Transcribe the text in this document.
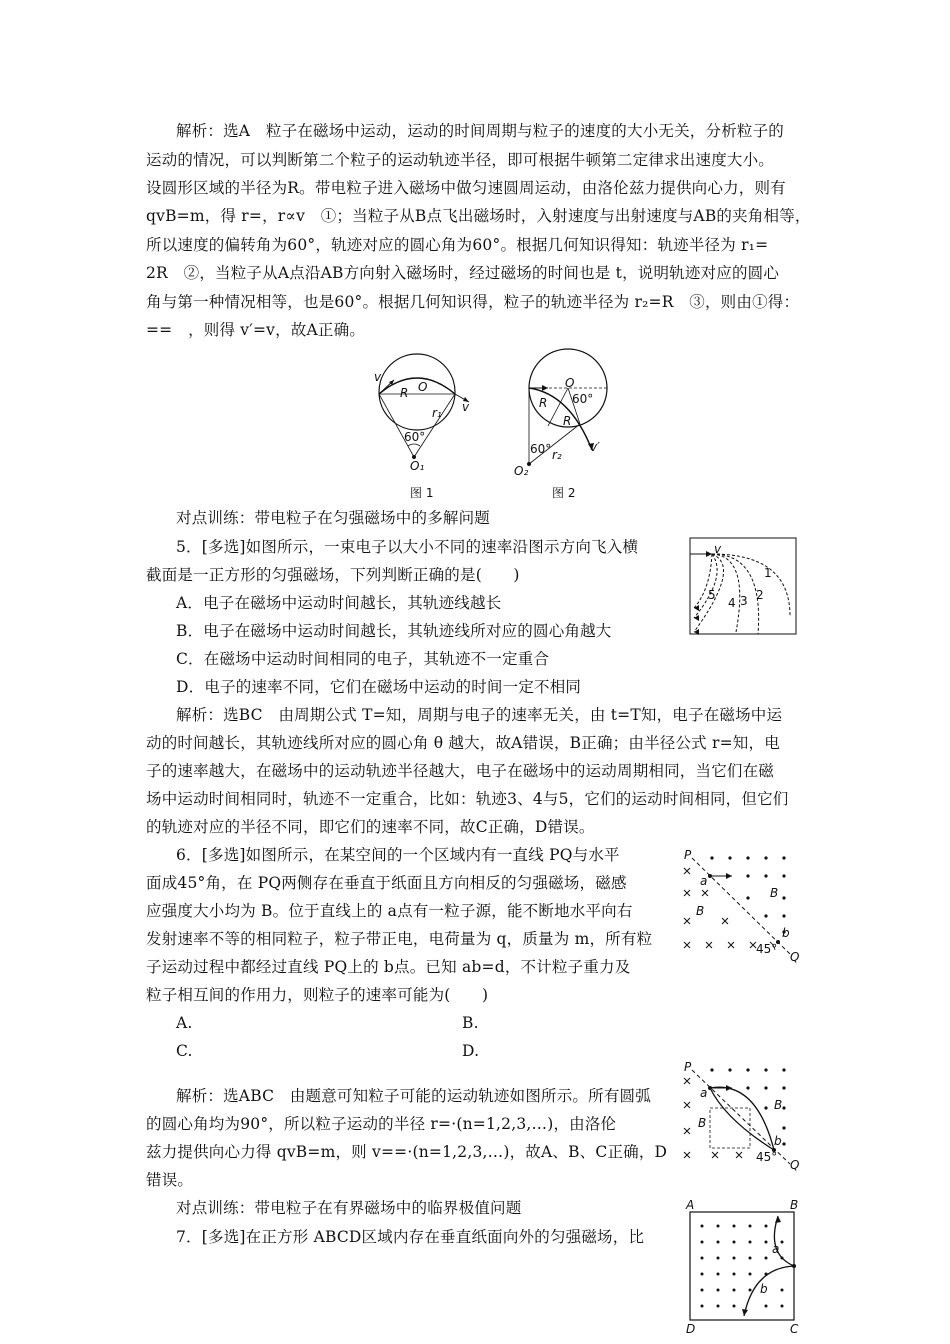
解析：选A　粒子在磁场中运动，运动的时间周期与粒子的速度的大小无关，分析粒子的
运动的情况，可以判断第二个粒子的运动轨迹半径，即可根据牛顿第二定律求出速度大小。
设圆形区域的半径为R。带电粒子进入磁场中做匀速圆周运动，由洛伦兹力提供向心力，则有
qvB=m，得 r=，r∝v　①；当粒子从B点飞出磁场时，入射速度与出射速度与AB的夹角相等，
所以速度的偏转角为60°，轨迹对应的圆心角为60°。根据几何知识得知：轨迹半径为 r₁=
2R　②，当粒子从A点沿AB方向射入磁场时，经过磁场的时间也是 t，说明轨迹对应的圆心
角与第一种情况相等，也是60°。根据几何知识得，粒子的轨迹半径为 r₂=R　③，则由①得：
==　，则得 v′=v，故A正确。
v
R O
r₁ v
60°
O₁
图 1
O
R 60°
R
60° r₂
v′
O₂
图 2
对点训练：带电粒子在匀强磁场中的多解问题
5．[多选]如图所示，一束电子以大小不同的速率沿图示方向飞入横
截面是一正方形的匀强磁场，下列判断正确的是(　　)
A．电子在磁场中运动时间越长，其轨迹线越长
B．电子在磁场中运动时间越长，其轨迹线所对应的圆心角越大
C．在磁场中运动时间相同的电子，其轨迹不一定重合
D．电子的速率不同，它们在磁场中运动的时间一定不相同
v
1
2
3
4
5
解析：选BC　由周期公式 T=知，周期与电子的速率无关，由 t=T知，电子在磁场中运
动的时间越长，其轨迹线所对应的圆心角 θ 越大，故A错误，B正确；由半径公式 r=知，电
子的速率越大，在磁场中的运动轨迹半径越大，电子在磁场中的运动周期相同，当它们在磁
场中运动时间相同时，轨迹不一定重合，比如：轨迹3、4与5，它们的运动时间相同，但它们
的轨迹对应的半径不同，即它们的速率不同，故C正确，D错误。
6．[多选]如图所示，在某空间的一个区域内有一直线 PQ与水平
面成45°角，在 PQ两侧存在垂直于纸面且方向相反的匀强磁场，磁感
应强度大小均为 B。位于直线上的 a点有一粒子源，能不断地水平向右
发射速率不等的相同粒子，粒子带正电，电荷量为 q，质量为 m，所有粒
子运动过程中都经过直线 PQ上的 b点。已知 ab=d，不计粒子重力及
粒子相互间的作用力，则粒子的速率可能为(　　)
A.	B.
C.	D.
P
a
B
B
b
45°
Q
解析：选ABC　由题意可知粒子可能的运动轨迹如图所示。所有圆弧
的圆心角均为90°，所以粒子运动的半径 r=·(n=1,2,3,…)，由洛伦
兹力提供向心力得 qvB=m，则 v==·(n=1,2,3,…)，故A、B、C正确，D
错误。
P
a
B
B
b
45°
Q
对点训练：带电粒子在有界磁场中的临界极值问题
7．[多选]在正方形 ABCD区域内存在垂直纸面向外的匀强磁场，比
A	B
a
b
D	C
